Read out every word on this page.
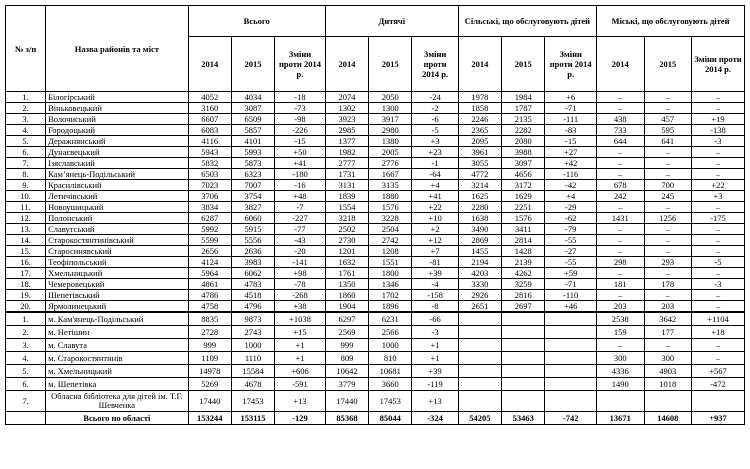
№ з/п	Назва районів та міст	Всього			Дитячі			Сільські, що обслуговують дітей			Міські, що обслуговують дітей		
		2014	2015	Зміни проти 2014 р.	2014	2015	Зміни проти 2014 р.	2014	2015	Зміни проти 2014 р.	2014	2015	Зміни проти 2014 р.
1.	Білогірський	4052	4034	-18	2074	2050	-24	1978	1984	+6	–	–	–
2.	Віньковецький	3160	3087	-73	1302	1300	-2	1858	1787	-71	–	–	–
3.	Волочиський	6607	6509	-98	3923	3917	-6	2246	2135	-111	438	457	+19
4.	Городоцький	6083	5857	-226	2985	2980	-5	2365	2282	-83	733	595	-138
5.	Деражнянський	4116	4101	-15	1377	1380	+3	2095	2080	-15	644	641	-3
6.	Дунаєвецький	5943	5993	+50	1982	2005	+23	3961	3988	+27	–	–	–
7.	Ізяславський	5832	5873	+41	2777	2776	-1	3055	3097	+42	–	–	–
8.	Кам’янець-Подільський	6503	6323	-180	1731	1667	-64	4772	4656	-116	–	–	–
9.	Красилівський	7023	7007	-16	3131	3135	+4	3214	3172	-42	678	700	+22
10.	Летичівський	3706	3754	+48	1839	1880	+41	1625	1629	+4	242	245	+3
11.	Новоушицький	3834	3827	-7	1554	1576	+22	2280	2251	-29	–	–	–
12.	Полонський	6287	6060	-227	3218	3228	+10	1638	1576	-62	1431	1256	-175
13.	Славутський	5992	5915	-77	2502	2504	+2	3490	3411	-79	–	–	–
14.	Старокостянтинівський	5599	5556	-43	2730	2742	+12	2869	2814	-55	–	–	–
15.	Старосинявський	2656	2636	-20	1201	1208	+7	1455	1428	-27	–	–	–
16.	Теофіпольський	4124	3983	-141	1632	1551	-81	2194	2139	-55	298	293	-5
17.	Хмельницький	5964	6062	+98	1761	1800	+39	4203	4262	+59	–	–	–
18.	Чемеровецький	4861	4783	-78	1350	1346	-4	3330	3259	-71	181	178	-3
19.	Шепетівський	4786	4518	-268	1860	1702	-158	2926	2816	-110	–	–	–
20.	Ярмолинецький	4758	4796	+38	1904	1896	-8	2651	2697	+46	203	203	–
1.	м. Кам'янець-Подільський	8835	9873	+1038	6297	6231	-66				2538	3642	+1104
2.	м. Нетішин	2728	2743	+15	2569	2566	-3				159	177	+18
3.	м. Славута	999	1000	+1	999	1000	+1				–	–	–
4.	м. Старокостянтинів	1109	1110	+1	809	810	+1				300	300	–
5.	м. Хмельницький	14978	15584	+606	10642	10681	+39				4336	4903	+567
6.	м. Шепетівка	5269	4678	-591	3779	3660	-119				1490	1018	-472
7.	Обласна бібліотека для дітей ім. Т.Г. Шевченка	17440	17453	+13	17440	17453	+13						
	Всього по області	153244	153115	-129	85368	85044	-324	54205	53463	-742	13671	14608	+937
